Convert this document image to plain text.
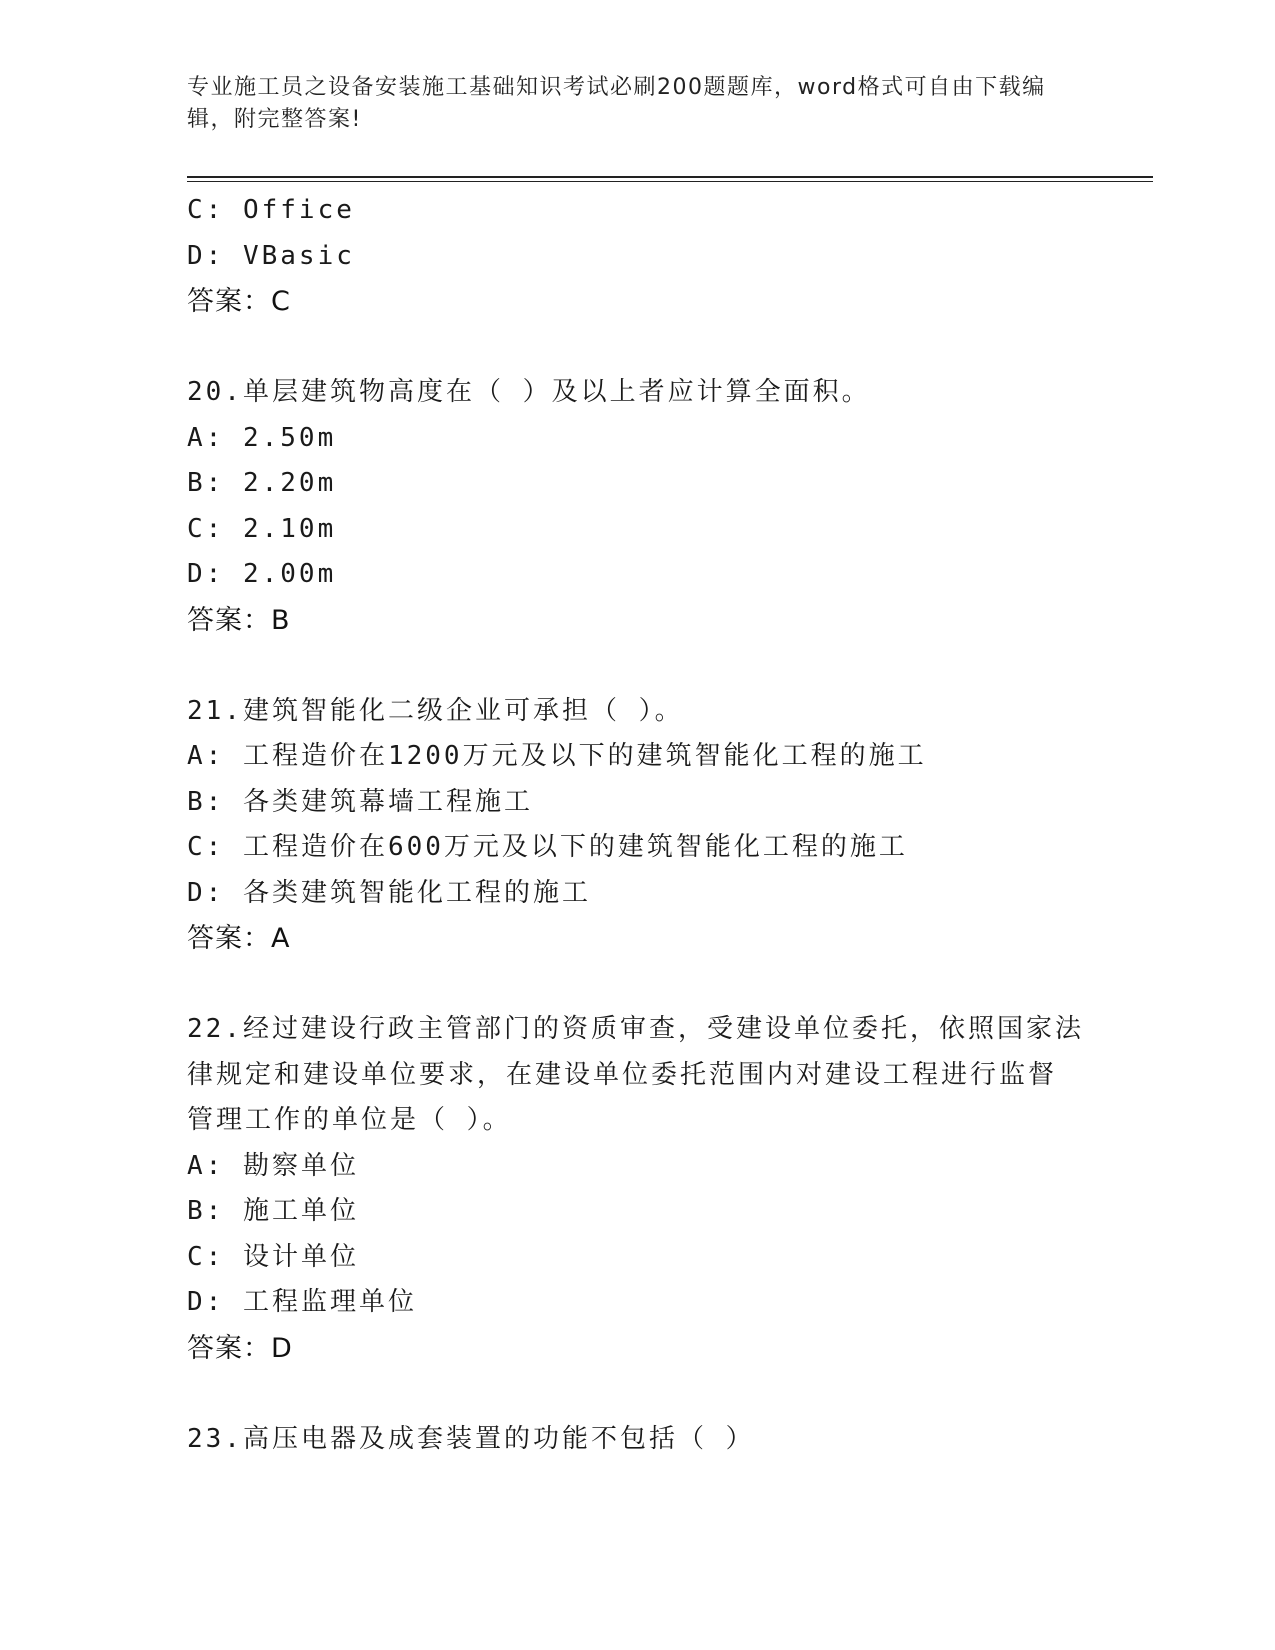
专业施工员之设备安装施工基础知识考试必刷200题题库，word格式可自由下载编辑，附完整答案!
C: Office
D: VBasic
答案：C
20.单层建筑物高度在（ ）及以上者应计算全面积。
A: 2.50m
B: 2.20m
C: 2.10m
D: 2.00m
答案：B
21.建筑智能化二级企业可承担（ ）。
A: 工程造价在1200万元及以下的建筑智能化工程的施工
B: 各类建筑幕墙工程施工
C: 工程造价在600万元及以下的建筑智能化工程的施工
D: 各类建筑智能化工程的施工
答案：A
22.经过建设行政主管部门的资质审查，受建设单位委托，依照国家法
律规定和建设单位要求，在建设单位委托范围内对建设工程进行监督
管理工作的单位是（ ）。
A: 勘察单位
B: 施工单位
C: 设计单位
D: 工程监理单位
答案：D
23.高压电器及成套装置的功能不包括（ ）
